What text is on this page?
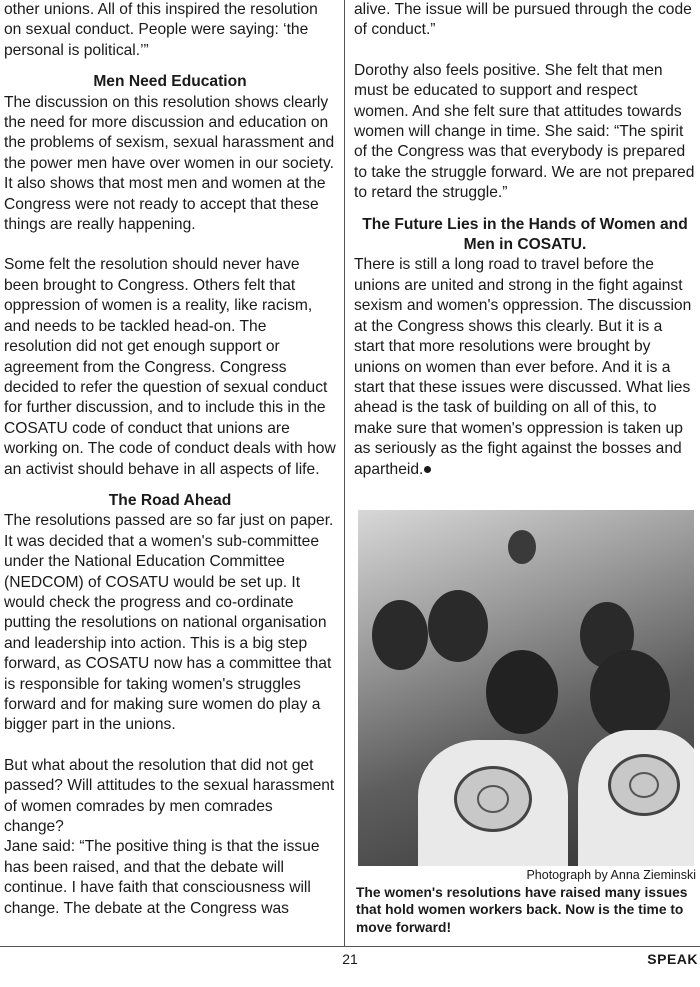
other unions. All of this inspired the resolution on sexual conduct. People were saying: ‘the personal is political.’”

Men Need Education

The discussion on this resolution shows clearly the need for more discussion and education on the problems of sexism, sexual harassment and the power men have over women in our society. It also shows that most men and women at the Congress were not ready to accept that these things are really happening.

Some felt the resolution should never have been brought to Congress. Others felt that oppression of women is a reality, like racism, and needs to be tackled head-on. The resolution did not get enough support or agreement from the Congress. Congress decided to refer the question of sexual conduct for further discussion, and to include this in the COSATU code of conduct that unions are working on. The code of conduct deals with how an activist should behave in all aspects of life.

The Road Ahead

The resolutions passed are so far just on paper. It was decided that a women's sub-committee under the National Education Committee (NEDCOM) of COSATU would be set up. It would check the progress and co-ordinate putting the resolutions on national organisation and leadership into action. This is a big step forward, as COSATU now has a committee that is responsible for taking women's struggles forward and for making sure women do play a bigger part in the unions.

But what about the resolution that did not get passed? Will attitudes to the sexual harassment of women comrades by men comrades change?

Jane said: “The positive thing is that the issue has been raised, and that the debate will continue. I have faith that consciousness will change. The debate at the Congress was

alive. The issue will be pursued through the code of conduct.”

Dorothy also feels positive. She felt that men must be educated to support and respect women. And she felt sure that attitudes towards women will change in time. She said: “The spirit of the Congress was that everybody is prepared to take the struggle forward. We are not prepared to retard the struggle.”

The Future Lies in the Hands of Women and Men in COSATU.

There is still a long road to travel before the unions are united and strong in the fight against sexism and women's oppression. The discussion at the Congress shows this clearly. But it is a start that more resolutions were brought by unions on women than ever before. And it is a start that these issues were discussed. What lies ahead is the task of building on all of this, to make sure that women's oppression is taken up as seriously as the fight against the bosses and apartheid.

Photograph by Anna Zieminski
The women's resolutions have raised many issues that hold women workers back. Now is the time to move forward!
21	SPEAK
